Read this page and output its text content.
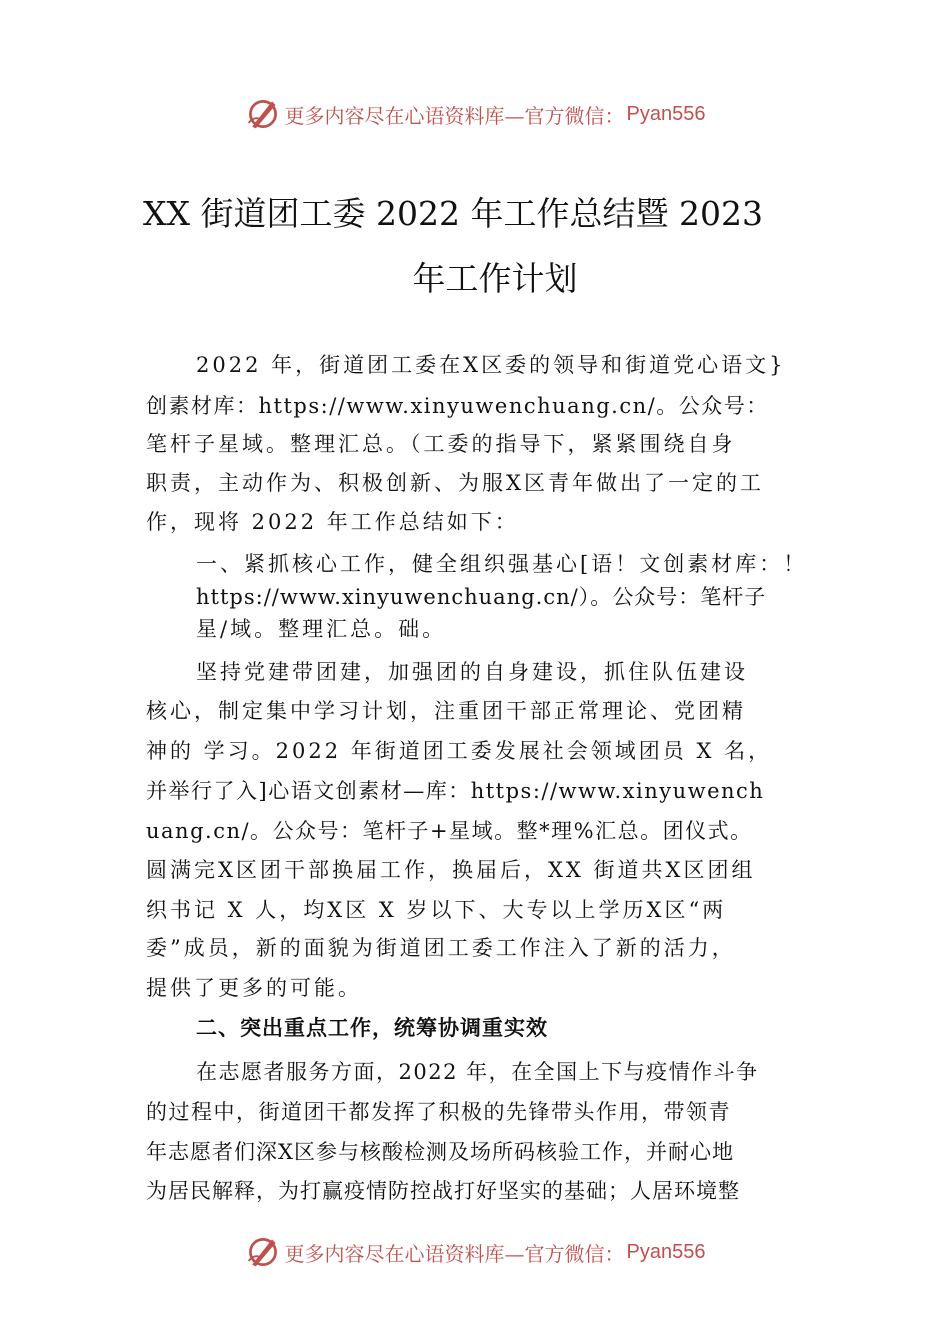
更多内容尽在心语资料库—官方微信： Pyan556
XX 街道团工委 2022 年工作总结暨 2023
年工作计划
2022 年，街道团工委在X区委的领导和街道党心语文}
创素材库：https://www.xinyuwenchuang.cn/。公众号：
笔杆子星域。整理汇总。（工委的指导下，紧紧围绕自身
职责，主动作为、积极创新、为服X区青年做出了一定的工
作，现将 2022 年工作总结如下：
一、紧抓核心工作，健全组织强基心[语！文创素材库：！
https://www.xinyuwenchuang.cn/）。公众号：笔杆子
星/域。整理汇总。础。
坚持党建带团建，加强团的自身建设，抓住队伍建设
核心，制定集中学习计划，注重团干部正常理论、党团精
神的 学习。2022 年街道团工委发展社会领域团员 X 名，
并举行了入]心语文创素材—库：https://www.xinyuwench
uang.cn/。公众号：笔杆子+星域。整*理%汇总。团仪式。
圆满完X区团干部换届工作，换届后，XX 街道共X区团组
织书记 X 人，均X区 X 岁以下、大专以上学历X区“两
委”成员，新的面貌为街道团工委工作注入了新的活力，
提供了更多的可能。
二、突出重点工作，统筹协调重实效
在志愿者服务方面，2022 年，在全国上下与疫情作斗争
的过程中，街道团干都发挥了积极的先锋带头作用，带领青
年志愿者们深X区参与核酸检测及场所码核验工作，并耐心地
为居民解释，为打赢疫情防控战打好坚实的基础；人居环境整
更多内容尽在心语资料库—官方微信： Pyan556
